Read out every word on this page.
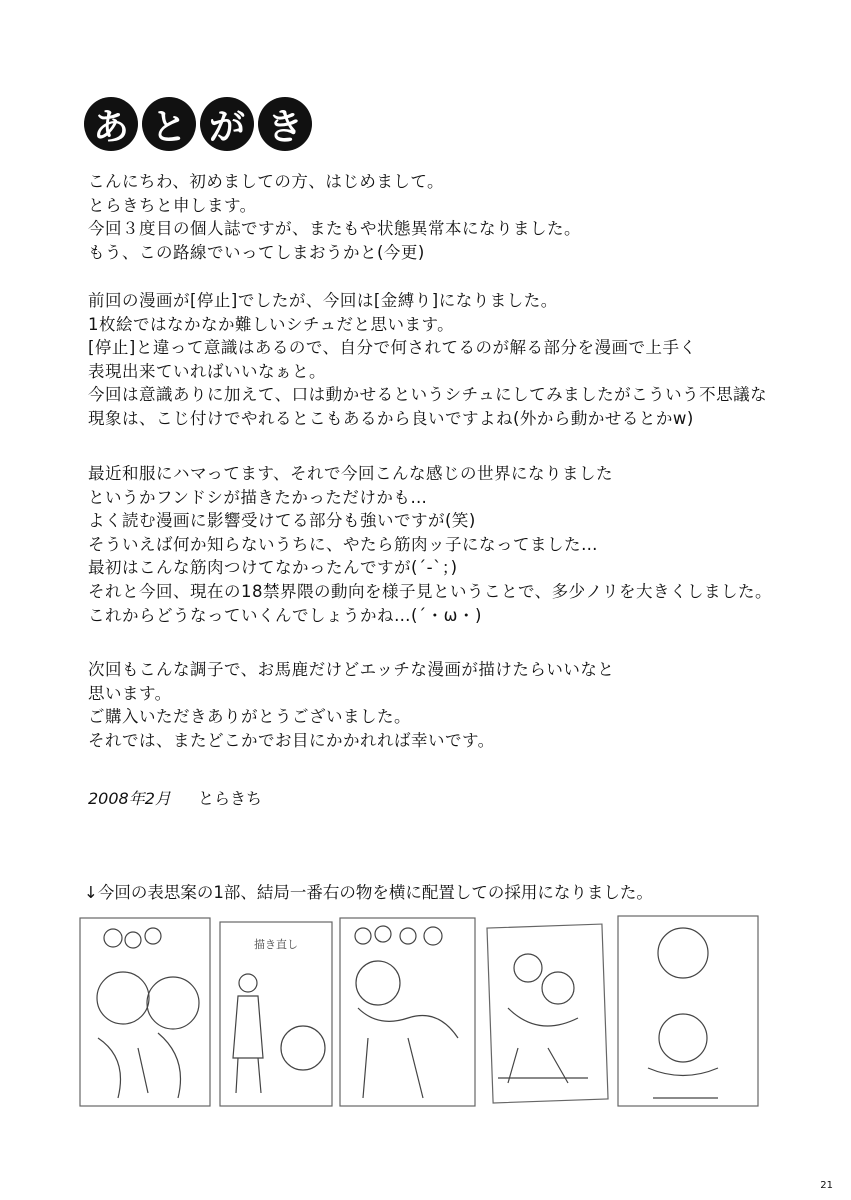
あ と が き
こんにちわ、初めましての方、はじめまして。
とらきちと申します。
今回３度目の個人誌ですが、またもや状態異常本になりました。
もう、この路線でいってしまおうかと(今更)
前回の漫画が[停止]でしたが、今回は[金縛り]になりました。
1枚絵ではなかなか難しいシチュだと思います。
[停止]と違って意識はあるので、自分で何されてるのが解る部分を漫画で上手く
表現出来ていればいいなぁと。
今回は意識ありに加えて、口は動かせるというシチュにしてみましたがこういう不思議な
現象は、こじ付けでやれるとこもあるから良いですよね(外から動かせるとかw)
最近和服にハマってます、それで今回こんな感じの世界になりました
というかフンドシが描きたかっただけかも…
よく読む漫画に影響受けてる部分も強いですが(笑)
そういえば何か知らないうちに、やたら筋肉ッ子になってました…
最初はこんな筋肉つけてなかったんですが(´-`；)
それと今回、現在の18禁界隈の動向を様子見ということで、多少ノリを大きくしました。
これからどうなっていくんでしょうかね…(´・ω・)
次回もこんな調子で、お馬鹿だけどエッチな漫画が描けたらいいなと
思います。
ご購入いただきありがとうございました。
それでは、またどこかでお目にかかれれば幸いです。
2008年2月 とらきち
↓今回の表思案の1部、結局一番右の物を横に配置しての採用になりました。
描き直し
21
